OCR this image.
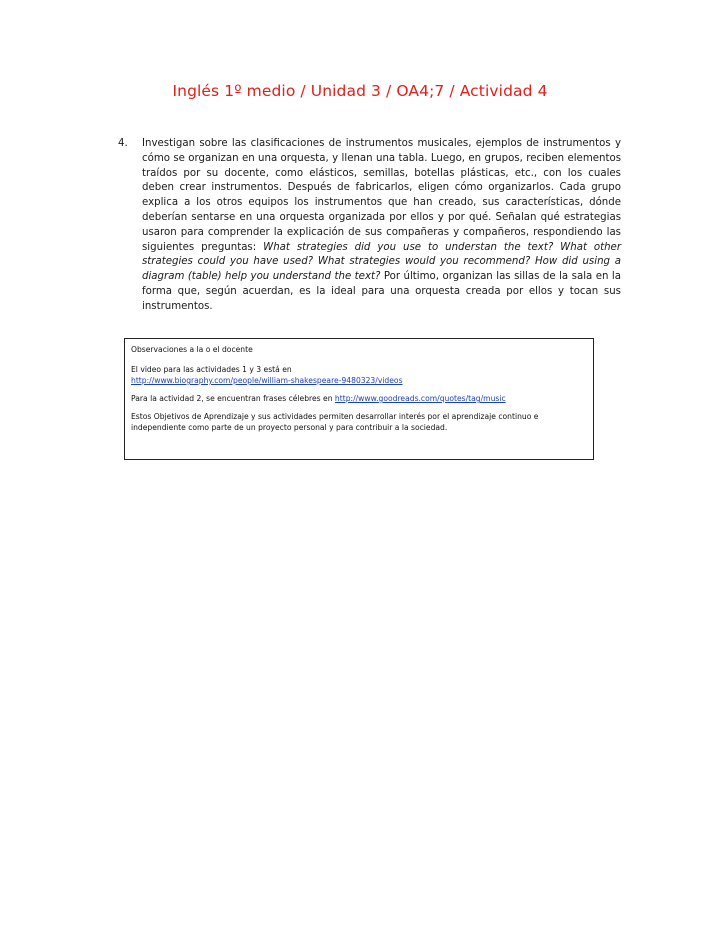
Inglés 1º medio / Unidad 3 / OA4;7 / Actividad 4
4. Investigan sobre las clasificaciones de instrumentos musicales, ejemplos de instrumentos y cómo se organizan en una orquesta, y llenan una tabla. Luego, en grupos, reciben elementos traídos por su docente, como elásticos, semillas, botellas plásticas, etc., con los cuales deben crear instrumentos. Después de fabricarlos, eligen cómo organizarlos. Cada grupo explica a los otros equipos los instrumentos que han creado, sus características, dónde deberían sentarse en una orquesta organizada por ellos y por qué. Señalan qué estrategias usaron para comprender la explicación de sus compañeras y compañeros, respondiendo las siguientes preguntas: What strategies did you use to understan the text? What other strategies could you have used? What strategies would you recommend? How did using a diagram (table) help you understand the text? Por último, organizan las sillas de la sala en la forma que, según acuerdan, es la ideal para una orquesta creada por ellos y tocan sus instrumentos.

Observaciones a la o el docente

El video para las actividades 1 y 3 está en

http://www.biography.com/people/william-shakespeare-9480323/videos

Para la actividad 2, se encuentran frases célebres en http://www.goodreads.com/quotes/tag/music

Estos Objetivos de Aprendizaje y sus actividades permiten desarrollar interés por el aprendizaje continuo e independiente como parte de un proyecto personal y para contribuir a la sociedad.
